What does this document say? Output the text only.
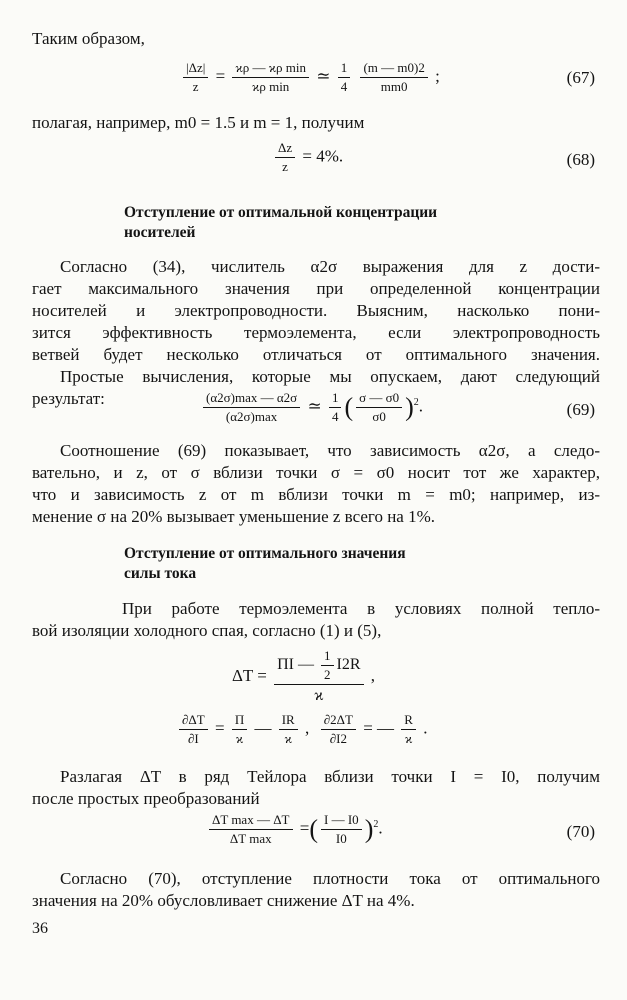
Таким образом,
$\frac{|\Delta z|}{z} = \frac{\text{ϰρ — ϰρ min}}{\text{ϰρ min}}$ ≃ $\frac{1}{4}$
$\frac{(m — m0)2}{mm0}$ ;	(67)
полагая, например, m0 = 1.5 и m = 1, получим
$\frac{\Delta z}{z} = 4\%$.	(68)
Отступление от оптимальной концентрации
носителей
Согласно (34), числитель α2σ выражения для z дости-
гает максимального значения при определенной концентрации
носителей и электропроводности. Выясним, насколько пони-
зится эффективность термоэлемента, если электропроводность
ветвей будет несколько отличаться от оптимального значения.
Простые вычисления, которые мы опускаем, дают следующий
результат:	$\frac{(\alpha 2\sigma)\max — \alpha 2\sigma}{(\alpha 2\sigma)\max}$ ≃ $\frac{1}{4}$ ( $\frac{\sigma — \sigma 0}{\sigma 0} )^2$.	(69)
Соотношение (69) показывает, что зависимость α2σ, а следо-
вательно, и z, от σ вблизи точки σ = σ0 носит тот же характер,
что и зависимость z от m вблизи точки m = m0; например, из-
менение σ на 20% вызывает уменьшение z всего на 1%.
Отступление от оптимального значения
силы тока
При работе термоэлемента в условиях полной тепло-
вой изоляции холодного спая, согласно (1) и (5),
$\Delta T = \frac{\Pi I — \frac{1}{2} I2R}{ϰ}$ ,
$\frac{\partial\Delta T}{\partial I} = \frac{\Pi}{ϰ}$ — $\frac{IR}{ϰ}$ , $\frac{\partial 2\Delta T}{\partial I2}$ = — $\frac{R}{ϰ}$ .
Разлагая ΔT в ряд Тейлора вблизи точки I = I0, получим
после простых преобразований
$\frac{\text{ΔT max — ΔT}}{\text{ΔT max}}$ =( $\frac{I — I0}{I0} )^2$.	(70)
Согласно (70), отступление плотности тока от оптимального
значения на 20% обусловливает снижение ΔT на 4%.
36
